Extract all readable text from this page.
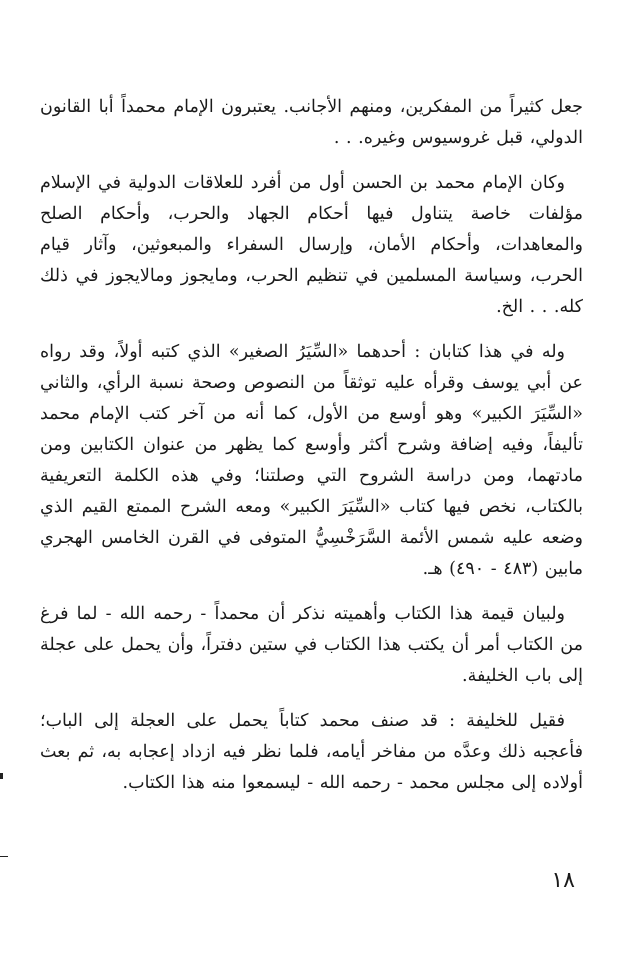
جعل كثيراً من المفكرين، ومنهم الأجانب. يعتبرون الإمام محمداً أبا القانون الدولي، قبل غروسيوس وغيره. . .

وكان الإمام محمد بن الحسن أول من أفرد للعلاقات الدولية في الإسلام مؤلفات خاصة يتناول فيها أحكام الجهاد والحرب، وأحكام الصلح والمعاهدات، وأحكام الأمان، وإرسال السفراء والمبعوثين، وآثار قيام الحرب، وسياسة المسلمين في تنظيم الحرب، ومايجوز ومالايجوز في ذلك كله. . . الخ.

وله في هذا كتابان : أحدهما «السِّيَرُ الصغير» الذي كتبه أولاً، وقد رواه عن أبي يوسف وقرأه عليه توثقاً من النصوص وصحة نسبة الرأي، والثاني «السِّيَرَ الكبير» وهو أوسع من الأول، كما أنه من آخر كتب الإمام محمد تأليفاً، وفيه إضافة وشرح أكثر وأوسع كما يظهر من عنوان الكتابين ومن مادتهما، ومن دراسة الشروح التي وصلتنا؛ وفي هذه الكلمة التعريفية بالكتاب، نخص فيها كتاب «السِّيَرَ الكبير» ومعه الشرح الممتع القيم الذي وضعه عليه شمس الأئمة السَّرَخْسِيُّ المتوفى في القرن الخامس الهجري مابين (٤٨٣ - ٤٩٠) هـ.

ولبيان قيمة هذا الكتاب وأهميته نذكر أن محمداً - رحمه الله - لما فرغ من الكتاب أمر أن يكتب هذا الكتاب في ستين دفتراً، وأن يحمل على عجلة إلى باب الخليفة.

فقيل للخليفة : قد صنف محمد كتاباً يحمل على العجلة إلى الباب؛ فأعجبه ذلك وعدَّه من مفاخر أيامه، فلما نظر فيه ازداد إعجابه به، ثم بعث أولاده إلى مجلس محمد - رحمه الله - ليسمعوا منه هذا الكتاب.

١٨
